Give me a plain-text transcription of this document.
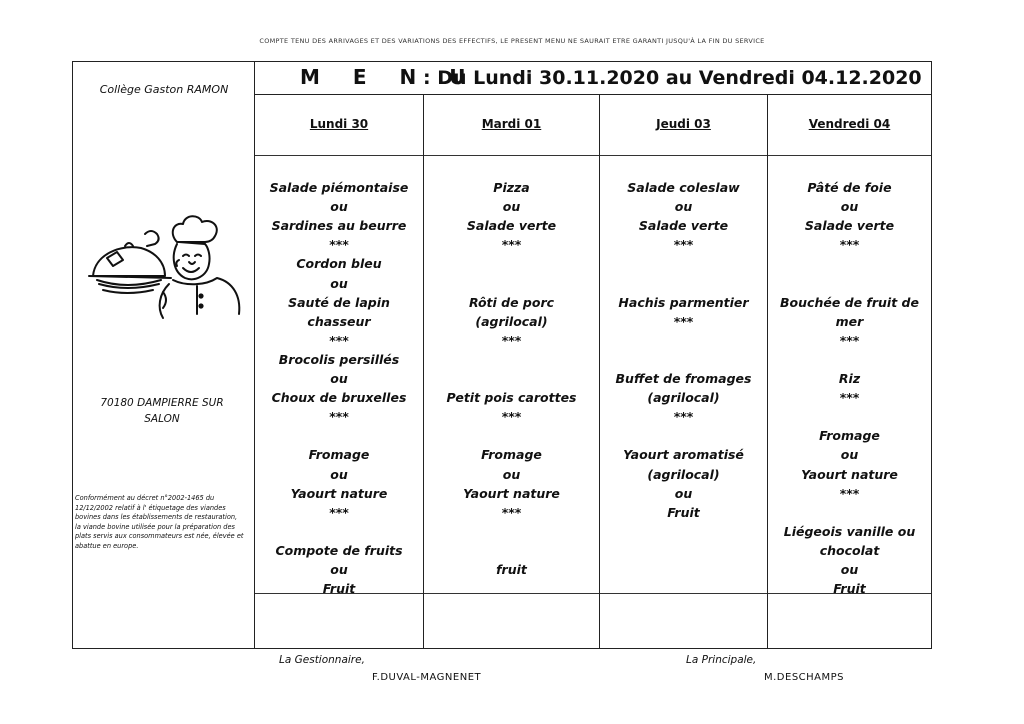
COMPTE TENU DES ARRIVAGES ET DES VARIATIONS DES EFFECTIFS, LE PRESENT MENU NE SAURAIT ETRE GARANTI JUSQU'À LA FIN DU SERVICE
Collège Gaston RAMON
70180 DAMPIERRE SUR
SALON
Conformément au décret n°2002-1465 du 12/12/2002 relatif à l' étiquetage des viandes bovines dans les établissements de restauration, la viande bovine utilisée pour la préparation des plats servis aux consommateurs est née, élevée et abattue en europe.
M E N U
: Du Lundi 30.11.2020 au Vendredi 04.12.2020
Lundi 30
Salade piémontaise
ou
Sardines au beurre
***
Cordon bleu
ou
Sauté de lapin
chasseur
***
Brocolis persillés
ou
Choux de bruxelles
***
Fromage
ou
Yaourt nature
***
Compote de fruits
ou
Fruit
Mardi 01
Pizza
ou
Salade verte
***
Rôti de porc
(agrilocal)
***
Petit pois carottes
***
Fromage
ou
Yaourt nature
***
fruit
Jeudi 03
Salade coleslaw
ou
Salade verte
***
Hachis parmentier
***
Buffet de fromages
(agrilocal)
***
Yaourt aromatisé
(agrilocal)
ou
Fruit
Vendredi 04
Pâté de foie
ou
Salade verte
***
Bouchée de fruit de
mer
***
Riz
***
Fromage
ou
Yaourt nature
***
Liégeois vanille ou
chocolat
ou
Fruit
La Gestionnaire,
F.DUVAL-MAGNENET
La Principale,
M.DESCHAMPS
